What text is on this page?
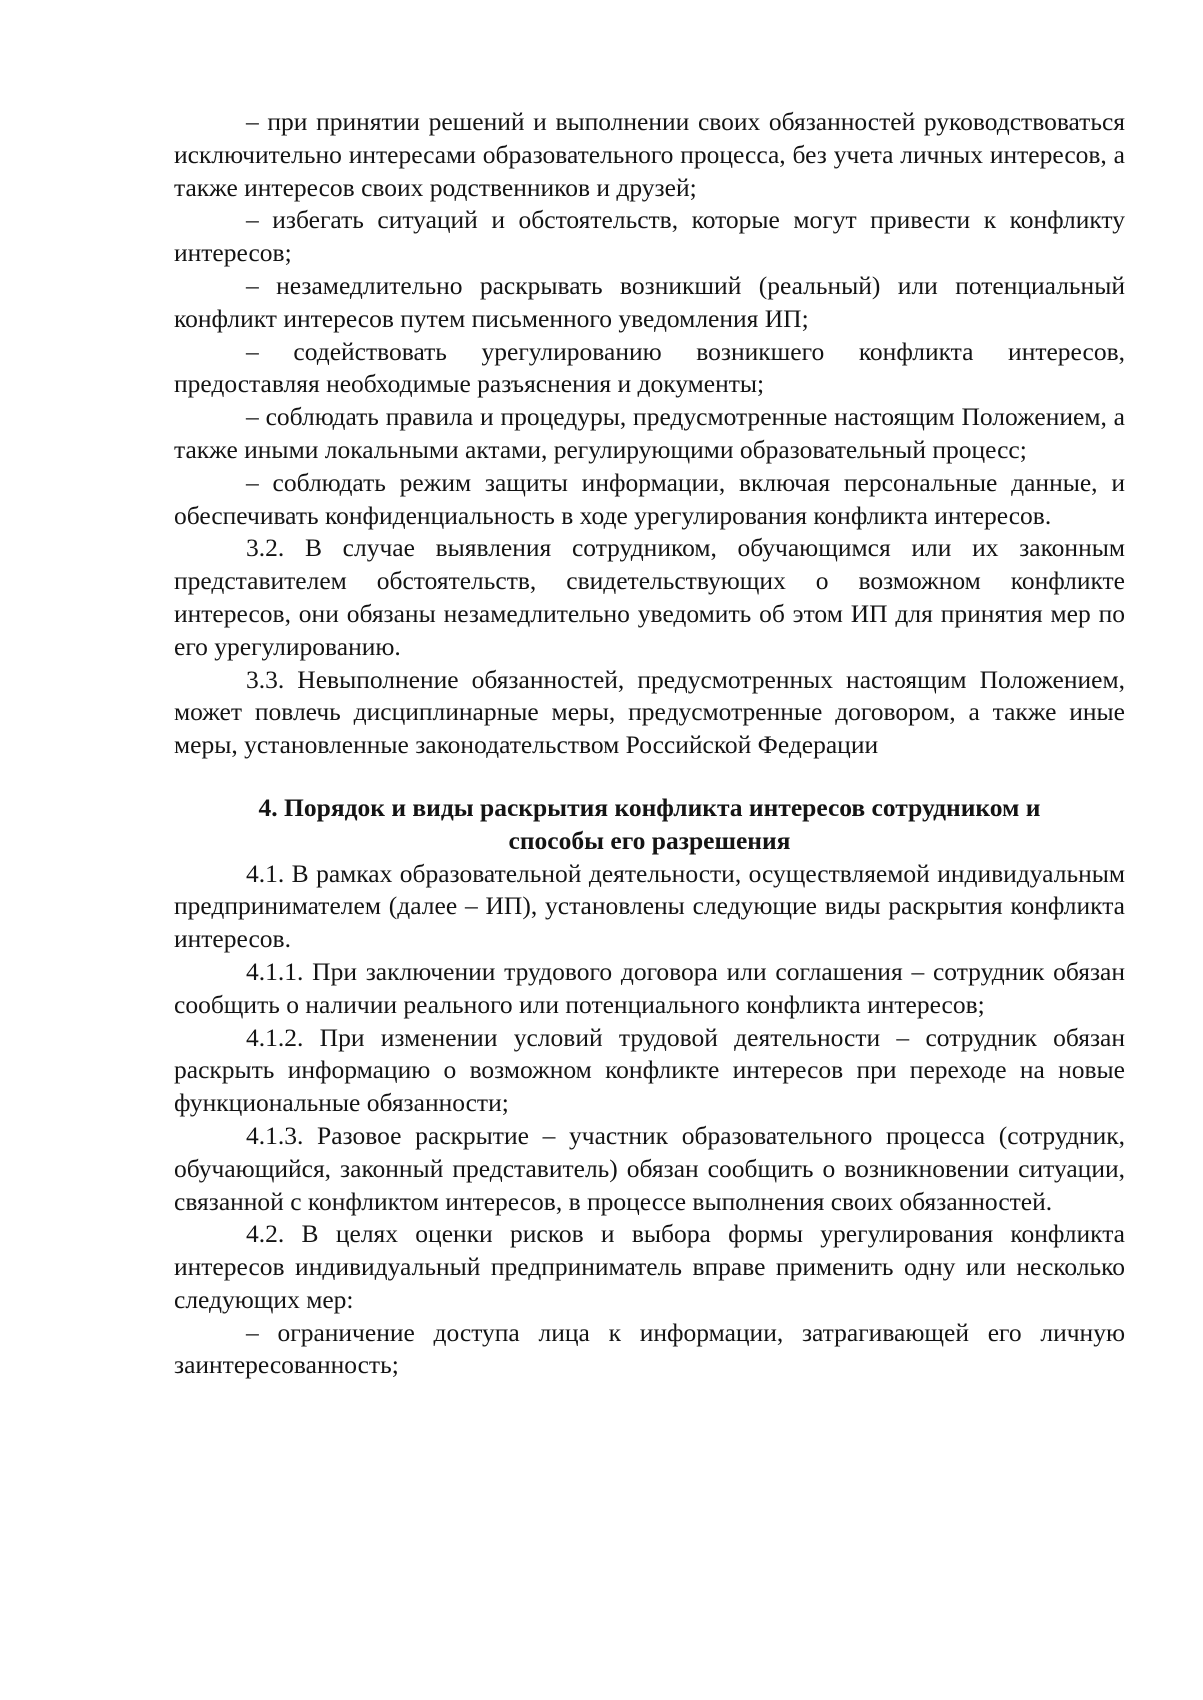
– при принятии решений и выполнении своих обязанностей руководствоваться исключительно интересами образовательного процесса, без учета личных интересов, а также интересов своих родственников и друзей;

– избегать ситуаций и обстоятельств, которые могут привести к конфликту интересов;

– незамедлительно раскрывать возникший (реальный) или потенциальный конфликт интересов путем письменного уведомления ИП;

– содействовать урегулированию возникшего конфликта интересов, предоставляя необходимые разъяснения и документы;

– соблюдать правила и процедуры, предусмотренные настоящим Положением, а также иными локальными актами, регулирующими образовательный процесс;

– соблюдать режим защиты информации, включая персональные данные, и обеспечивать конфиденциальность в ходе урегулирования конфликта интересов.

3.2. В случае выявления сотрудником, обучающимся или их законным представителем обстоятельств, свидетельствующих о возможном конфликте интересов, они обязаны незамедлительно уведомить об этом ИП для принятия мер по его урегулированию.

3.3. Невыполнение обязанностей, предусмотренных настоящим Положением, может повлечь дисциплинарные меры, предусмотренные договором, а также иные меры, установленные законодательством Российской Федерации

4. Порядок и виды раскрытия конфликта интересов сотрудником и
способы его разрешения

4.1. В рамках образовательной деятельности, осуществляемой индивидуальным предпринимателем (далее – ИП), установлены следующие виды раскрытия конфликта интересов.

4.1.1. При заключении трудового договора или соглашения – сотрудник обязан сообщить о наличии реального или потенциального конфликта интересов;

4.1.2. При изменении условий трудовой деятельности – сотрудник обязан раскрыть информацию о возможном конфликте интересов при переходе на новые функциональные обязанности;

4.1.3. Разовое раскрытие – участник образовательного процесса (сотрудник, обучающийся, законный представитель) обязан сообщить о возникновении ситуации, связанной с конфликтом интересов, в процессе выполнения своих обязанностей.

4.2. В целях оценки рисков и выбора формы урегулирования конфликта интересов индивидуальный предприниматель вправе применить одну или несколько следующих мер:

– ограничение доступа лица к информации, затрагивающей его личную заинтересованность;
